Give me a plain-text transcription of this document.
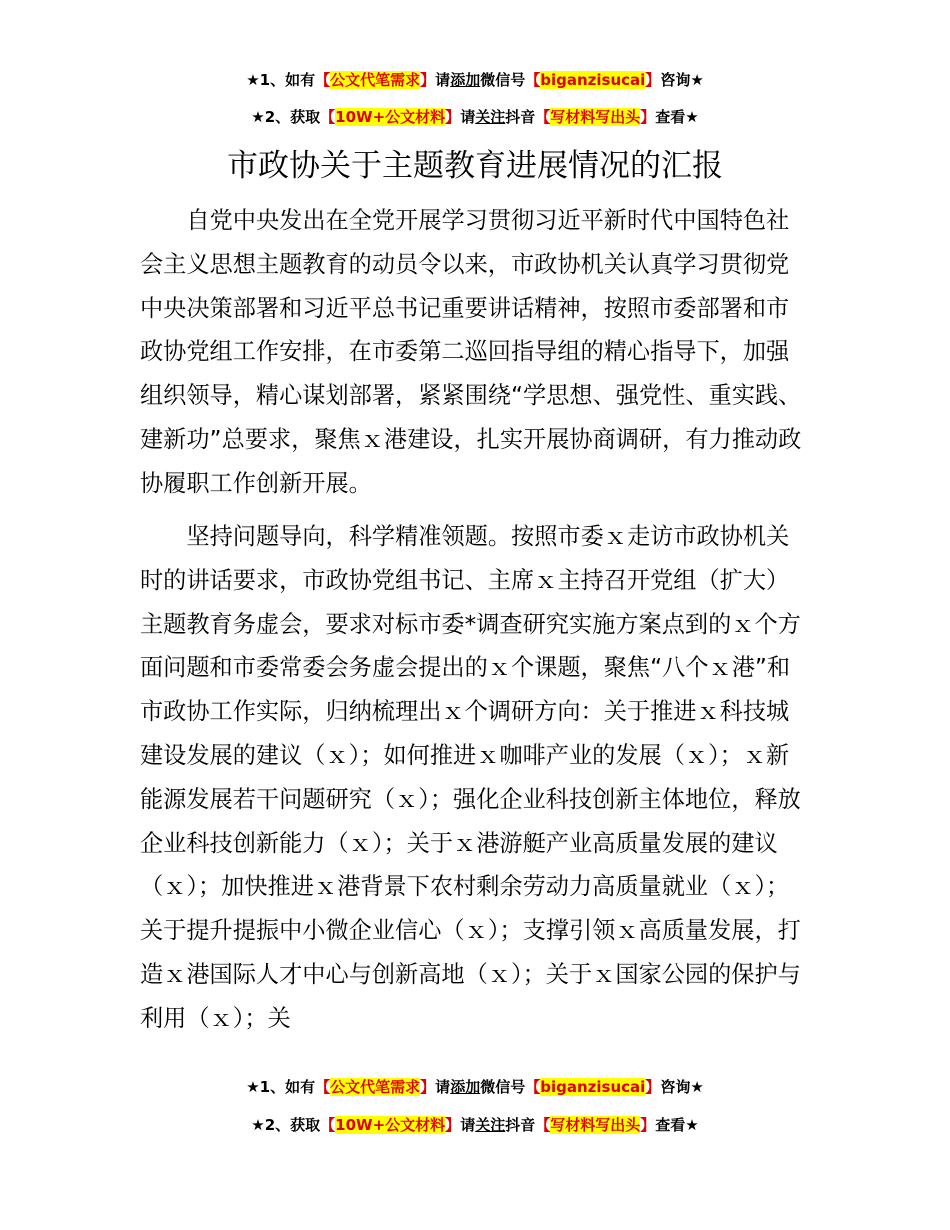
★1、如有【公文代笔需求】请添加微信号【biganzisucai】咨询★
★2、获取【10W+公文材料】请关注抖音【写材料写出头】查看★
市政协关于主题教育进展情况的汇报

自党中央发出在全党开展学习贯彻习近平新时代中国特色社会主义思想主题教育的动员令以来，市政协机关认真学习贯彻党中央决策部署和习近平总书记重要讲话精神，按照市委部署和市政协党组工作安排，在市委第二巡回指导组的精心指导下，加强组织领导，精心谋划部署，紧紧围绕“学思想、强党性、重实践、建新功”总要求，聚焦ｘ港建设，扎实开展协商调研，有力推动政协履职工作创新开展。

坚持问题导向，科学精准领题。按照市委ｘ走访市政协机关时的讲话要求，市政协党组书记、主席ｘ主持召开党组（扩大）主题教育务虚会，要求对标市委*调查研究实施方案点到的ｘ个方面问题和市委常委会务虚会提出的ｘ个课题，聚焦“八个ｘ港”和市政协工作实际，归纳梳理出ｘ个调研方向：关于推进ｘ科技城建设发展的建议（ｘ）；如何推进ｘ咖啡产业的发展（ｘ）；ｘ新能源发展若干问题研究（ｘ）；强化企业科技创新主体地位，释放企业科技创新能力（ｘ）；关于ｘ港游艇产业高质量发展的建议（ｘ）；加快推进ｘ港背景下农村剩余劳动力高质量就业（ｘ）；关于提升提振中小微企业信心（ｘ）；支撑引领ｘ高质量发展，打造ｘ港国际人才中心与创新高地（ｘ）；关于ｘ国家公园的保护与利用（ｘ）；关

★1、如有【公文代笔需求】请添加微信号【biganzisucai】咨询★
★2、获取【10W+公文材料】请关注抖音【写材料写出头】查看★
